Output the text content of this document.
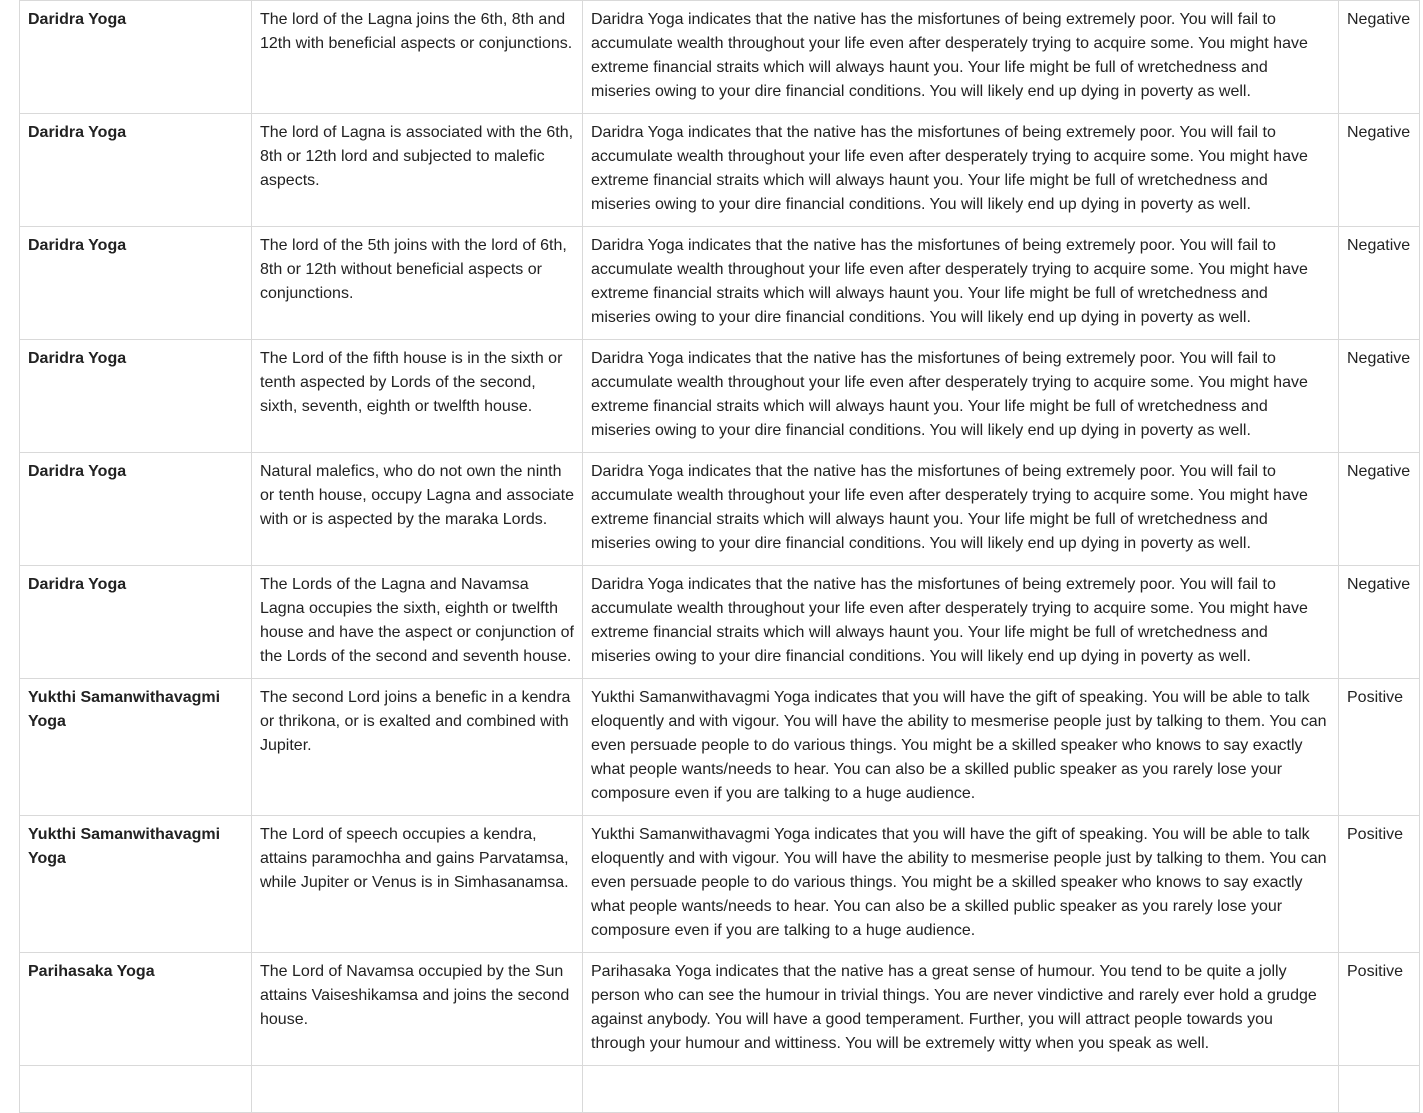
Daridra Yoga	The lord of the Lagna joins the 6th, 8th and 12th with beneficial aspects or conjunctions.	Daridra Yoga indicates that the native has the misfortunes of being extremely poor. You will fail to accumulate wealth throughout your life even after desperately trying to acquire some. You might have extreme financial straits which will always haunt you. Your life might be full of wretchedness and miseries owing to your dire financial conditions. You will likely end up dying in poverty as well.	Negative
Daridra Yoga	The lord of Lagna is associated with the 6th, 8th or 12th lord and subjected to malefic aspects.	Daridra Yoga indicates that the native has the misfortunes of being extremely poor. You will fail to accumulate wealth throughout your life even after desperately trying to acquire some. You might have extreme financial straits which will always haunt you. Your life might be full of wretchedness and miseries owing to your dire financial conditions. You will likely end up dying in poverty as well.	Negative
Daridra Yoga	The lord of the 5th joins with the lord of 6th, 8th or 12th without beneficial aspects or conjunctions.	Daridra Yoga indicates that the native has the misfortunes of being extremely poor. You will fail to accumulate wealth throughout your life even after desperately trying to acquire some. You might have extreme financial straits which will always haunt you. Your life might be full of wretchedness and miseries owing to your dire financial conditions. You will likely end up dying in poverty as well.	Negative
Daridra Yoga	The Lord of the fifth house is in the sixth or tenth aspected by Lords of the second, sixth, seventh, eighth or twelfth house.	Daridra Yoga indicates that the native has the misfortunes of being extremely poor. You will fail to accumulate wealth throughout your life even after desperately trying to acquire some. You might have extreme financial straits which will always haunt you. Your life might be full of wretchedness and miseries owing to your dire financial conditions. You will likely end up dying in poverty as well.	Negative
Daridra Yoga	Natural malefics, who do not own the ninth or tenth house, occupy Lagna and associate with or is aspected by the maraka Lords.	Daridra Yoga indicates that the native has the misfortunes of being extremely poor. You will fail to accumulate wealth throughout your life even after desperately trying to acquire some. You might have extreme financial straits which will always haunt you. Your life might be full of wretchedness and miseries owing to your dire financial conditions. You will likely end up dying in poverty as well.	Negative
Daridra Yoga	The Lords of the Lagna and Navamsa Lagna occupies the sixth, eighth or twelfth house and have the aspect or conjunction of the Lords of the second and seventh house.	Daridra Yoga indicates that the native has the misfortunes of being extremely poor. You will fail to accumulate wealth throughout your life even after desperately trying to acquire some. You might have extreme financial straits which will always haunt you. Your life might be full of wretchedness and miseries owing to your dire financial conditions. You will likely end up dying in poverty as well.	Negative
Yukthi Samanwithavagmi Yoga	The second Lord joins a benefic in a kendra or thrikona, or is exalted and combined with Jupiter.	Yukthi Samanwithavagmi Yoga indicates that you will have the gift of speaking. You will be able to talk eloquently and with vigour. You will have the ability to mesmerise people just by talking to them. You can even persuade people to do various things. You might be a skilled speaker who knows to say exactly what people wants/needs to hear. You can also be a skilled public speaker as you rarely lose your composure even if you are talking to a huge audience.	Positive
Yukthi Samanwithavagmi Yoga	The Lord of speech occupies a kendra, attains paramochha and gains Parvatamsa, while Jupiter or Venus is in Simhasanamsa.	Yukthi Samanwithavagmi Yoga indicates that you will have the gift of speaking. You will be able to talk eloquently and with vigour. You will have the ability to mesmerise people just by talking to them. You can even persuade people to do various things. You might be a skilled speaker who knows to say exactly what people wants/needs to hear. You can also be a skilled public speaker as you rarely lose your composure even if you are talking to a huge audience.	Positive
Parihasaka Yoga	The Lord of Navamsa occupied by the Sun attains Vaiseshikamsa and joins the second house.	Parihasaka Yoga indicates that the native has a great sense of humour. You tend to be quite a jolly person who can see the humour in trivial things. You are never vindictive and rarely ever hold a grudge against anybody. You will have a good temperament. Further, you will attract people towards you through your humour and wittiness. You will be extremely witty when you speak as well.	Positive
